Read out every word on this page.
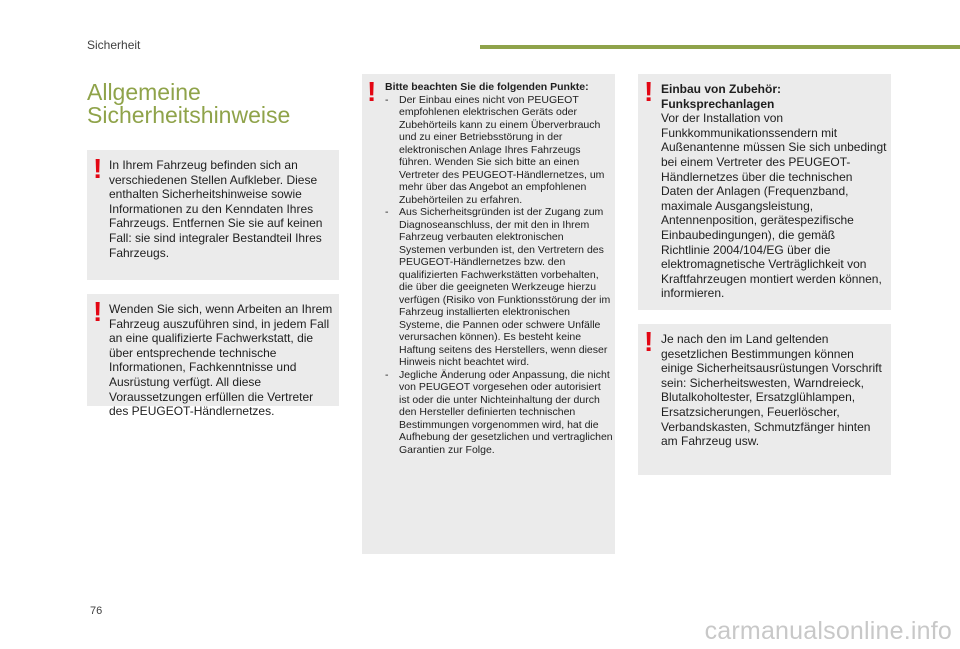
Sicherheit
Allgemeine
Sicherheitshinweise
! In Ihrem Fahrzeug befinden sich an verschiedenen Stellen Aufkleber. Diese enthalten Sicherheitshinweise sowie Informationen zu den Kenndaten Ihres Fahrzeugs. Entfernen Sie sie auf keinen Fall: sie sind integraler Bestandteil Ihres Fahrzeugs.
! Wenden Sie sich, wenn Arbeiten an Ihrem Fahrzeug auszuführen sind, in jedem Fall an eine qualifizierte Fachwerkstatt, die über entsprechende technische Informationen, Fachkenntnisse und Ausrüstung verfügt. All diese Voraussetzungen erfüllen die Vertreter des PEUGEOT-Händlernetzes.
! Bitte beachten Sie die folgenden Punkte:

- Der Einbau eines nicht von PEUGEOT empfohlenen elektrischen Geräts oder Zubehörteils kann zu einem Überverbrauch und zu einer Betriebsstörung in der elektronischen Anlage Ihres Fahrzeugs führen. Wenden Sie sich bitte an einen Vertreter des PEUGEOT-Händlernetzes, um mehr über das Angebot an empfohlenen Zubehörteilen zu erfahren.

- Aus Sicherheitsgründen ist der Zugang zum Diagnoseanschluss, der mit den in Ihrem Fahrzeug verbauten elektronischen Systemen verbunden ist, den Vertretern des PEUGEOT-Händlernetzes bzw. den qualifizierten Fachwerkstätten vorbehalten, die über die geeigneten Werkzeuge hierzu verfügen (Risiko von Funktionsstörung der im Fahrzeug installierten elektronischen Systeme, die Pannen oder schwere Unfälle verursachen können). Es besteht keine Haftung seitens des Herstellers, wenn dieser Hinweis nicht beachtet wird.

- Jegliche Änderung oder Anpassung, die nicht von PEUGEOT vorgesehen oder autorisiert ist oder die unter Nichteinhaltung der durch den Hersteller definierten technischen Bestimmungen vorgenommen wird, hat die Aufhebung der gesetzlichen und vertraglichen Garantien zur Folge.

! Einbau von Zubehör:

Funksprechanlagen

Vor der Installation von Funkkommunikationssendern mit Außenantenne müssen Sie sich unbedingt bei einem Vertreter des PEUGEOT-Händlernetzes über die technischen Daten der Anlagen (Frequenzband, maximale Ausgangsleistung, Antennenposition, gerätespezifische Einbaubedingungen), die gemäß Richtlinie 2004/104/EG über die elektromagnetische Verträglichkeit von Kraftfahrzeugen montiert werden können, informieren.

! Je nach den im Land geltenden gesetzlichen Bestimmungen können einige Sicherheitsausrüstungen Vorschrift sein: Sicherheitswesten, Warndreieck, Blutalkoholtester, Ersatzglühlampen, Ersatzsicherungen, Feuerlöscher, Verbandskasten, Schmutzfänger hinten am Fahrzeug usw.
76
carmanualsonline.info
